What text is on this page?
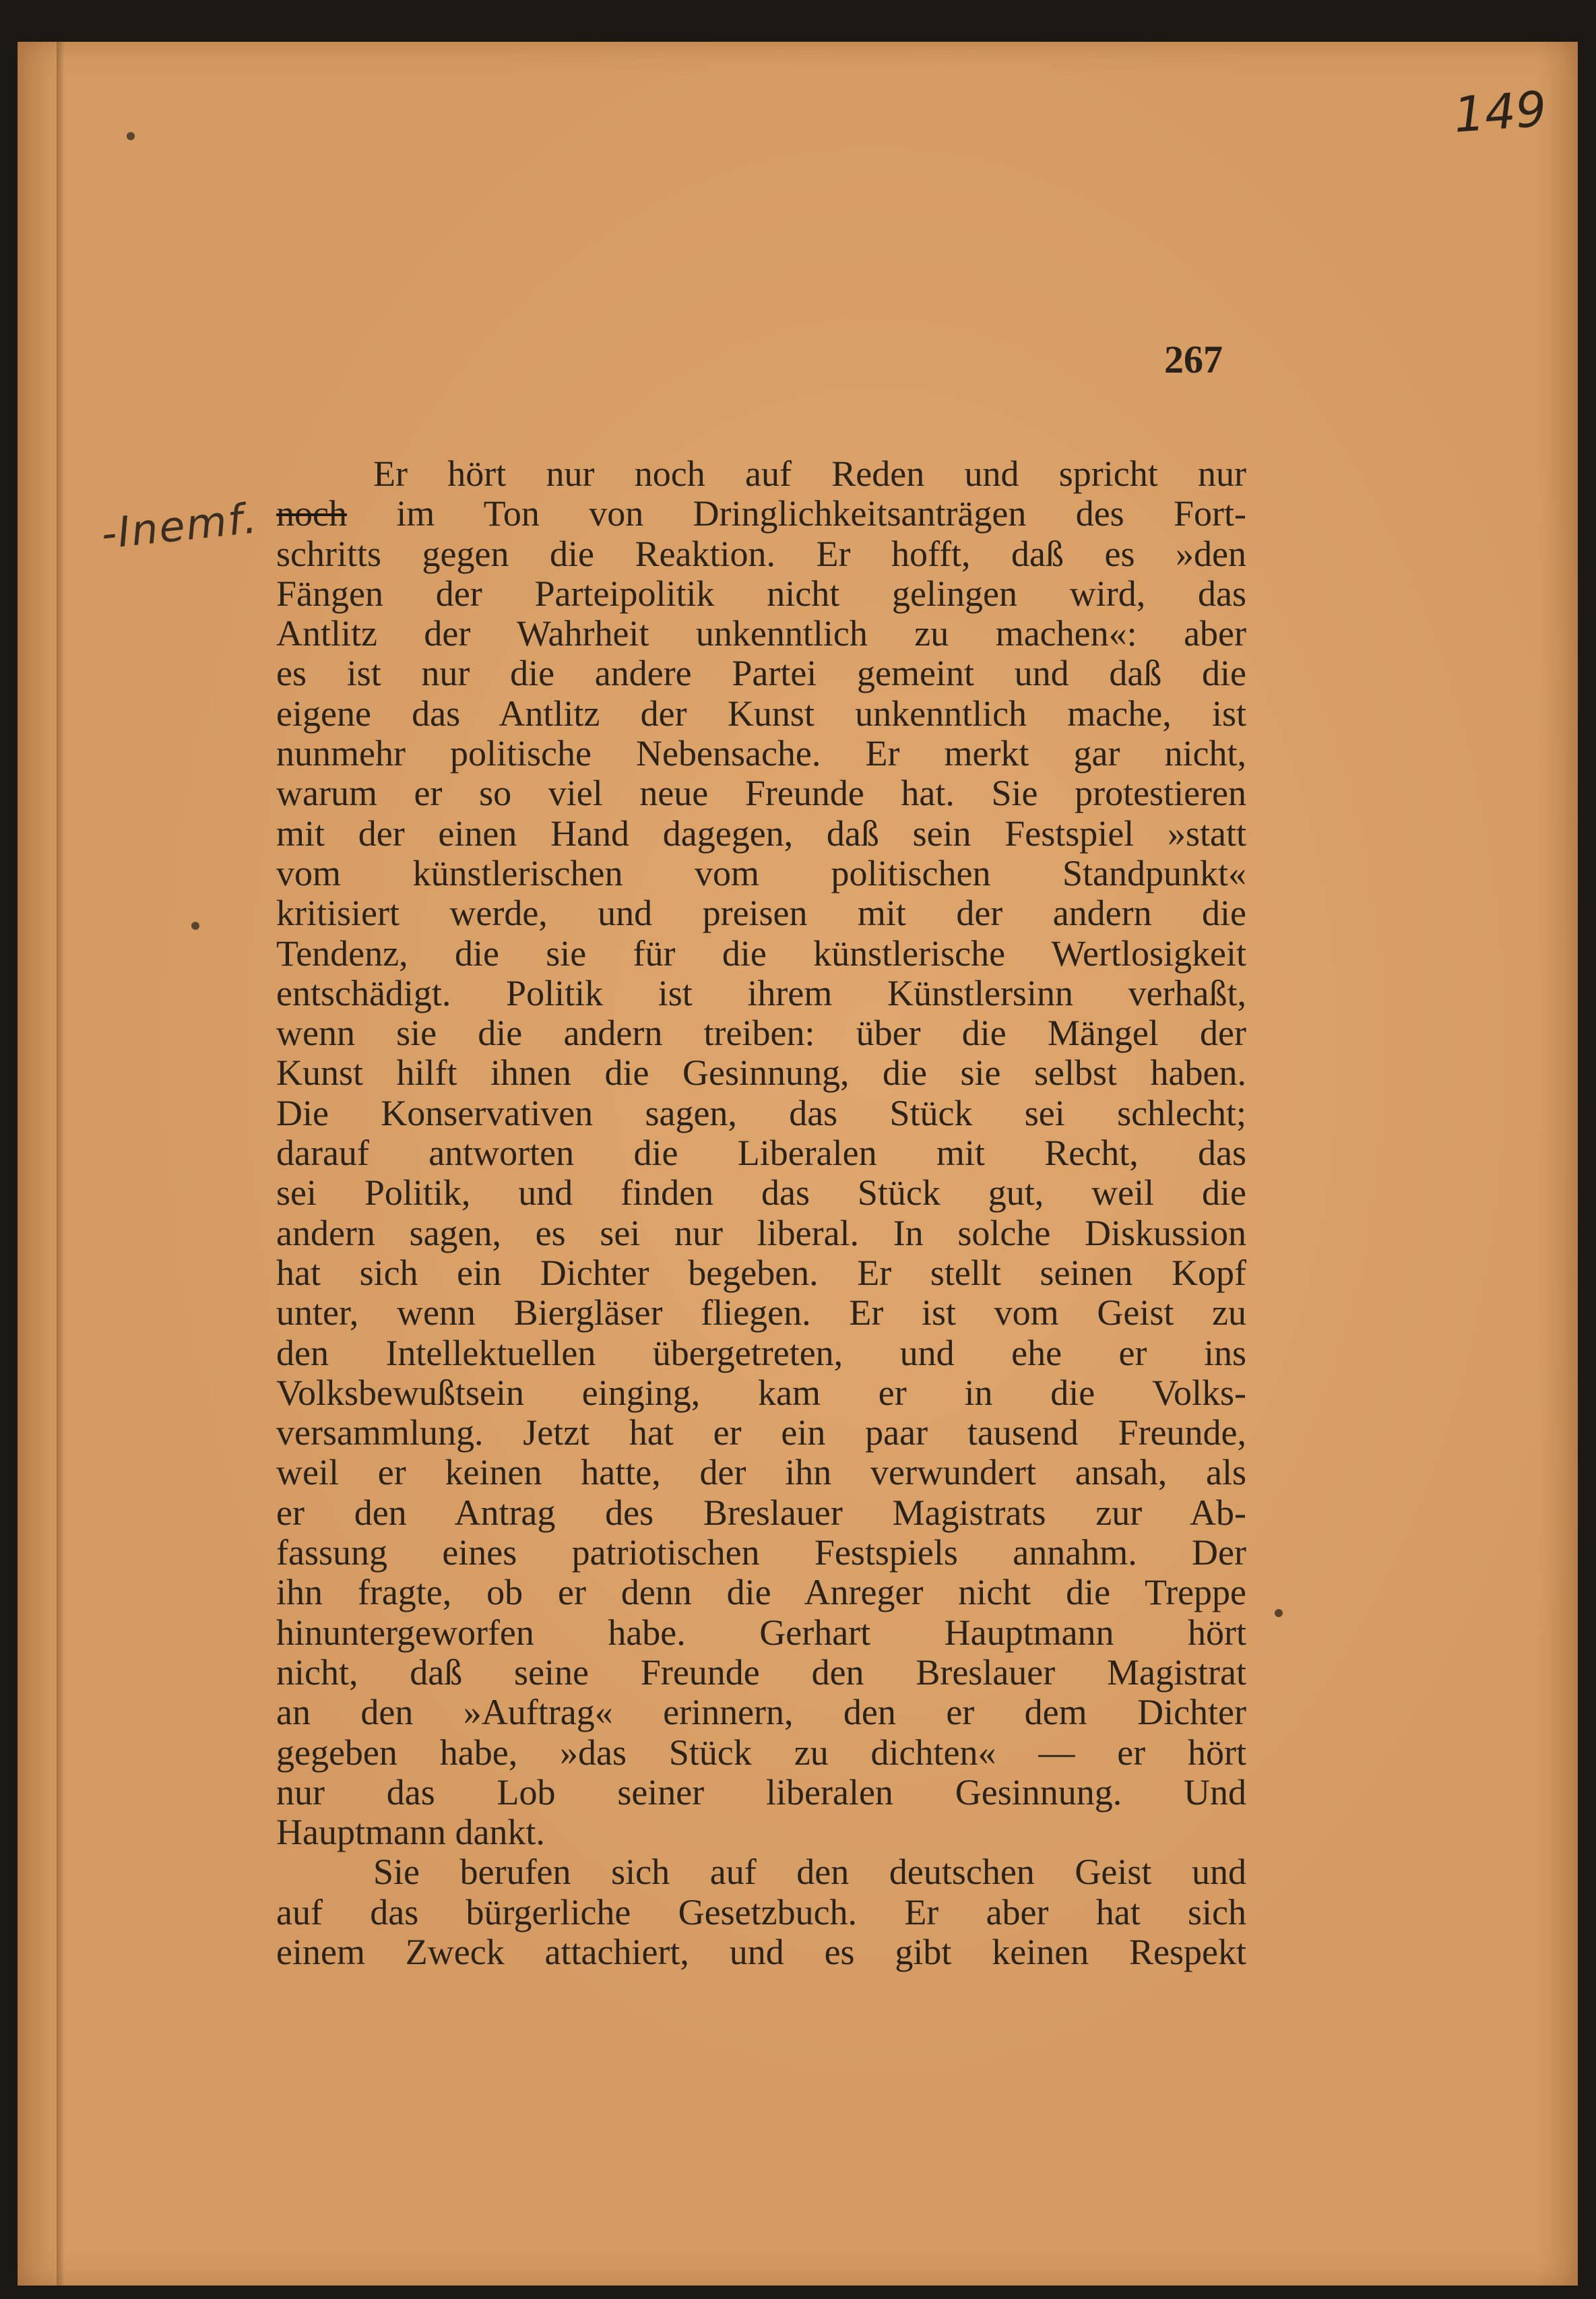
149
267
-Inemf.
Er hört nur noch auf Reden und spricht nur
noch im Ton von Dringlichkeitsanträgen des Fort-
schritts gegen die Reaktion. Er hofft, daß es »den
Fängen der Parteipolitik nicht gelingen wird, das
Antlitz der Wahrheit unkenntlich zu machen«: aber
es ist nur die andere Partei gemeint und daß die
eigene das Antlitz der Kunst unkenntlich mache, ist
nunmehr politische Nebensache. Er merkt gar nicht,
warum er so viel neue Freunde hat. Sie protestieren
mit der einen Hand dagegen, daß sein Festspiel »statt
vom künstlerischen vom politischen Standpunkt«
kritisiert werde, und preisen mit der andern die
Tendenz, die sie für die künstlerische Wertlosigkeit
entschädigt. Politik ist ihrem Künstlersinn verhaßt,
wenn sie die andern treiben: über die Mängel der
Kunst hilft ihnen die Gesinnung, die sie selbst haben.
Die Konservativen sagen, das Stück sei schlecht;
darauf antworten die Liberalen mit Recht, das
sei Politik, und finden das Stück gut, weil die
andern sagen, es sei nur liberal. In solche Diskussion
hat sich ein Dichter begeben. Er stellt seinen Kopf
unter, wenn Biergläser fliegen. Er ist vom Geist zu
den Intellektuellen übergetreten, und ehe er ins
Volksbewußtsein einging, kam er in die Volks-
versammlung. Jetzt hat er ein paar tausend Freunde,
weil er keinen hatte, der ihn verwundert ansah, als
er den Antrag des Breslauer Magistrats zur Ab-
fassung eines patriotischen Festspiels annahm. Der
ihn fragte, ob er denn die Anreger nicht die Treppe
hinuntergeworfen habe. Gerhart Hauptmann hört
nicht, daß seine Freunde den Breslauer Magistrat
an den »Auftrag« erinnern, den er dem Dichter
gegeben habe, »das Stück zu dichten« — er hört
nur das Lob seiner liberalen Gesinnung. Und
Hauptmann dankt.
Sie berufen sich auf den deutschen Geist und
auf das bürgerliche Gesetzbuch. Er aber hat sich
einem Zweck attachiert, und es gibt keinen Respekt
